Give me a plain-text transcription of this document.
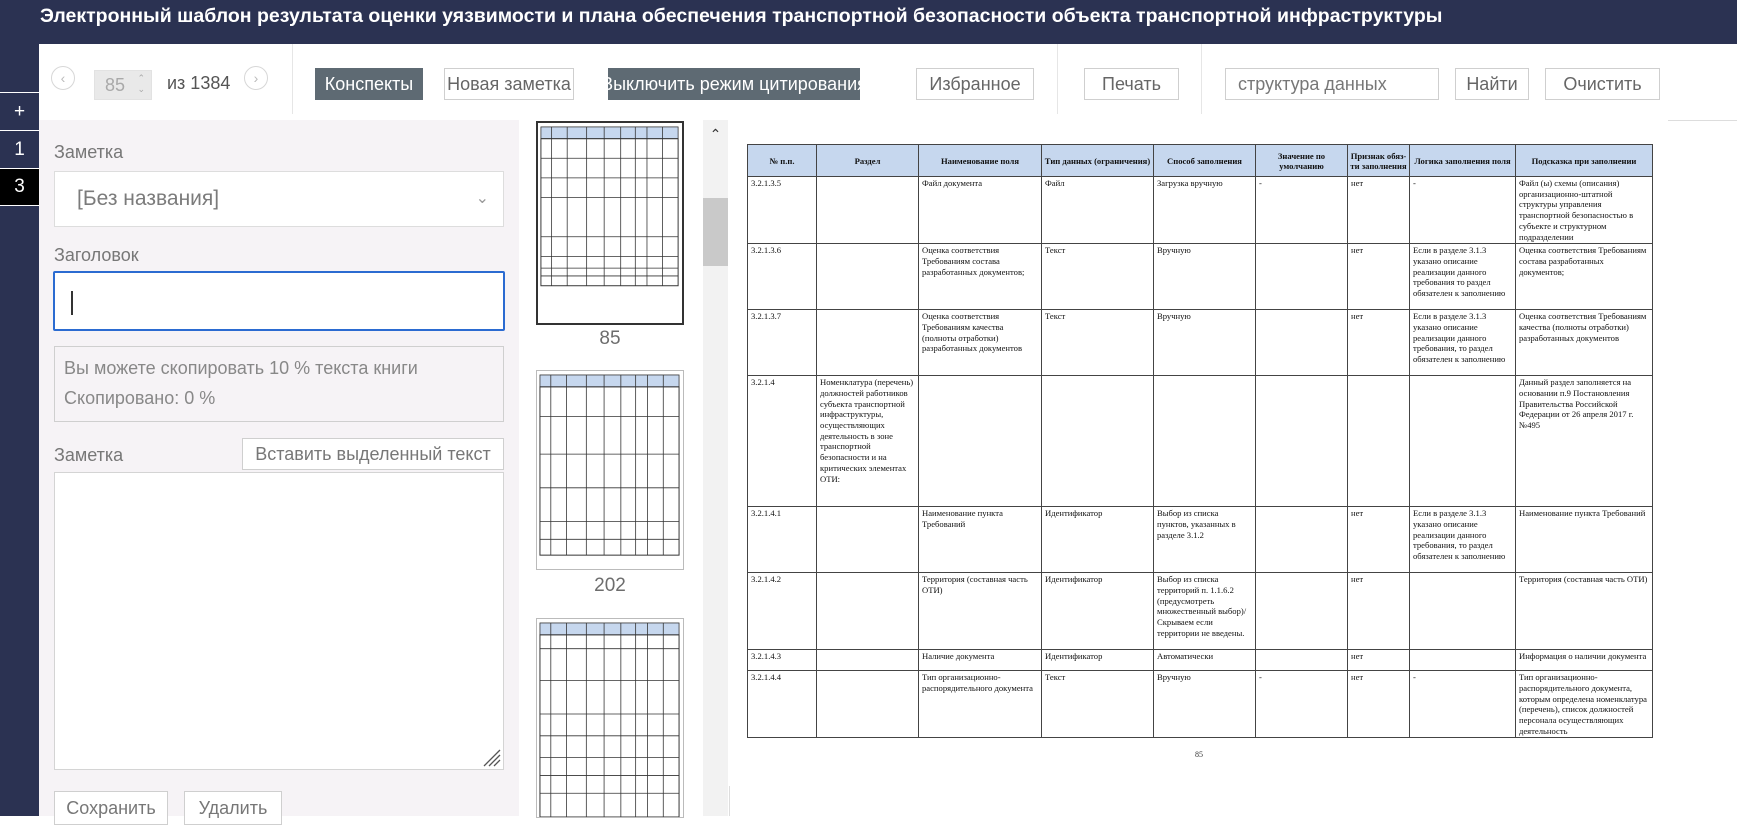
Электронный шаблон результата оценки уязвимости и плана обеспечения транспортной безопасности объекта транспортной инфраструктуры
+
1
3
‹	85 ⌃
⌄ из 1384 ›	Конспекты	Новая заметка Выключить режим цитирования	Избранное	Печать	структура данных	Найти	Очистить
Заметка
[Без названия]	⌄
Заголовок
Вы можете скопировать 10 % текста книги
Скопировано: 0 %
Заметка	Вставить выделенный текст
Сохранить	Удалить
85
202
⌃
№ п.п.	Раздел	Наименование поля	Тип данных (ограничения)	Способ заполнения	Значение по умолчанию	Признак обяз-ти заполнения	Логика заполнения поля	Подсказка при заполнении
3.2.1.3.5		Файл документа	Файл	Загрузка вручную	-	нет	-	Файл (ы) схемы (описания) организационно-штатной структуры управления транспортной безопасностью в субъекте и структурном подразделении
3.2.1.3.6		Оценка соответствия Требованиям состава разработанных документов;	Текст	Вручную		нет	Если в разделе 3.1.3 указано описание реализации данного требования то раздел обязателен к заполнению	Оценка соответствия Требованиям состава разработанных документов;
3.2.1.3.7		Оценка соответствия Требованиям качества (полноты отработки) разработанных документов	Текст	Вручную		нет	Если в разделе 3.1.3 указано описание реализации данного требования, то раздел обязателен к заполнению	Оценка соответствия Требованиям качества (полноты отработки) разработанных документов
3.2.1.4	Номенклатура (перечень) должностей работников субъекта транспортной инфраструктуры, осуществляющих деятельность в зоне транспортной безопасности и на критических элементах ОТИ:							Данный раздел заполняется на основании п.9 Постановления Правительства Российской Федерации от 26 апреля 2017 г. №495
3.2.1.4.1		Наименование пункта Требований	Идентификатор	Выбор из списка пунктов, указанных в разделе 3.1.2		нет	Если в разделе 3.1.3 указано описание реализации данного требования, то раздел обязателен к заполнению	Наименование пункта Требований
3.2.1.4.2		Территория (составная часть ОТИ)	Идентификатор	Выбор из списка территорий п. 1.1.6.2 (предусмотреть множественный выбор)/Скрываем если территории не введены.		нет		Территория (составная часть ОТИ)
3.2.1.4.3		Наличие документа	Идентификатор	Автоматически		нет		Информация о наличии документа
3.2.1.4.4		Тип организационно-распорядительного документа	Текст	Вручную	-	нет	-	Тип организационно-распорядительного документа, которым определена номенклатура (перечень), список должностей персонала осуществляющих деятельность
85
